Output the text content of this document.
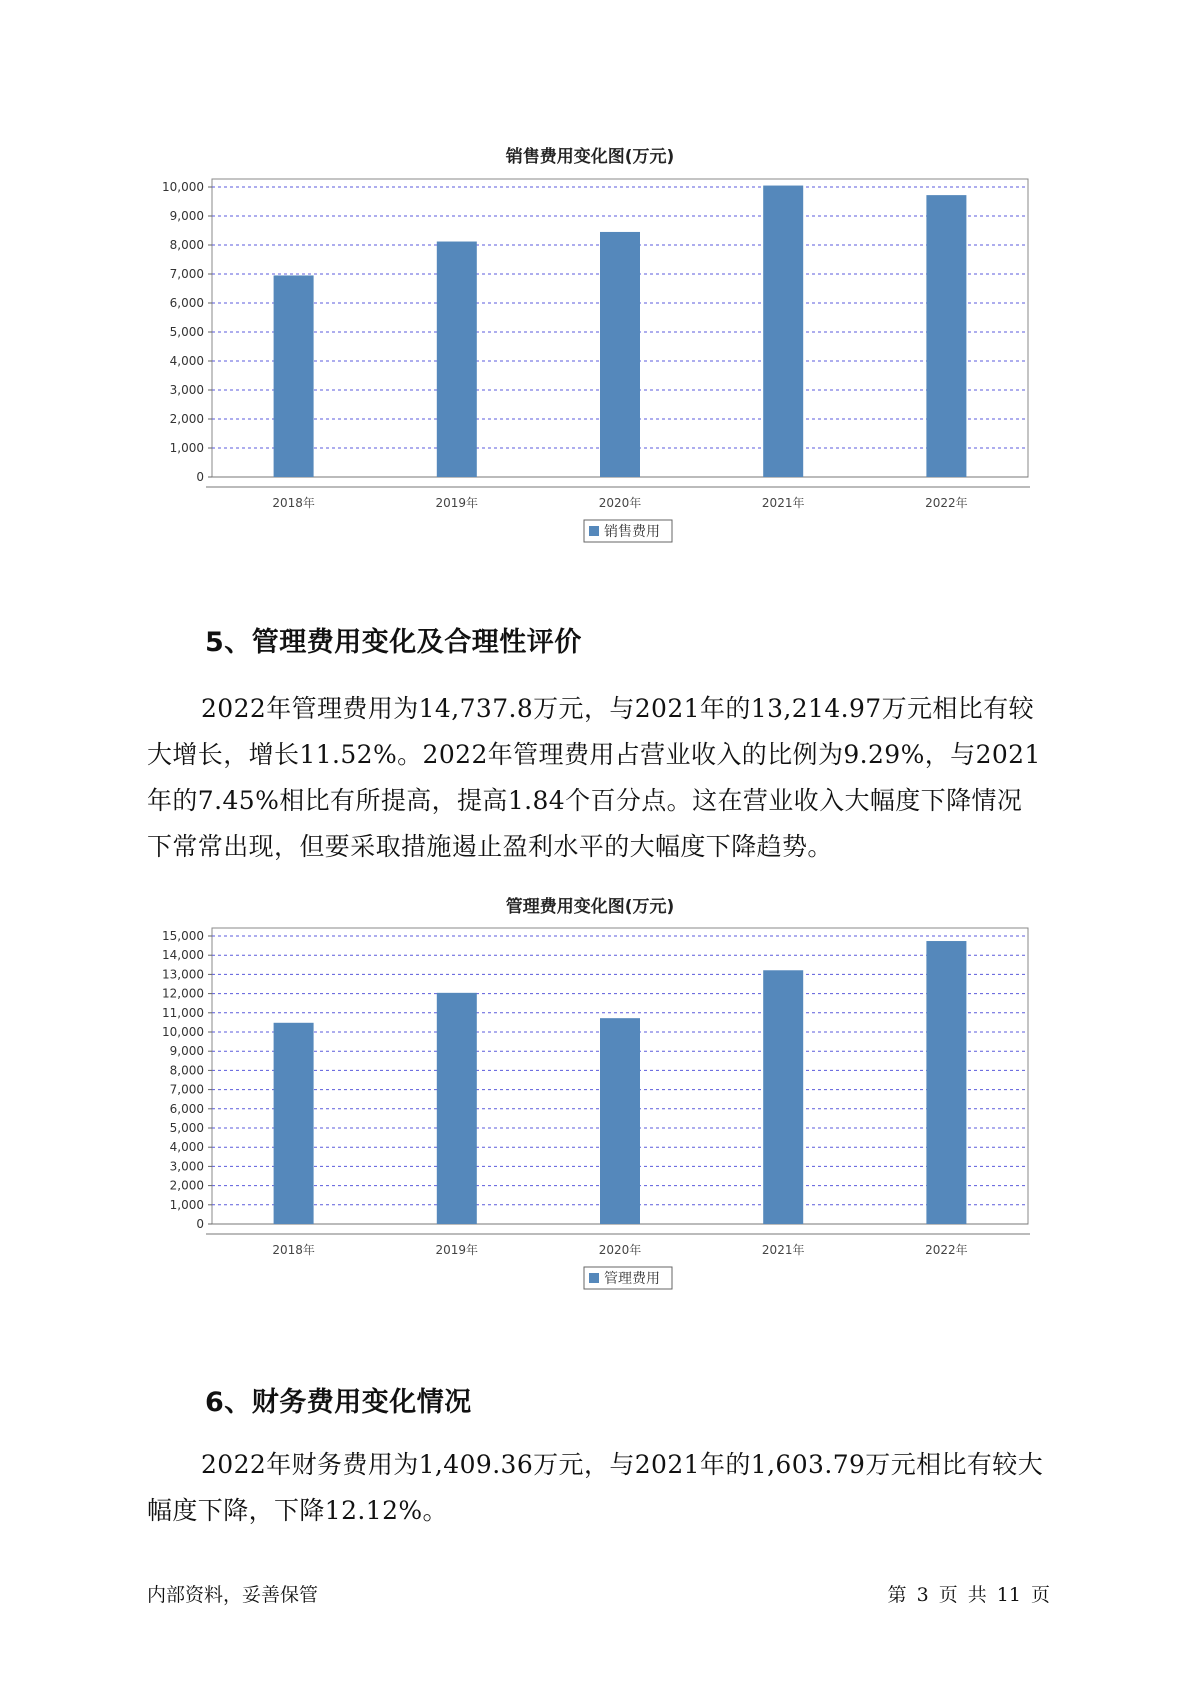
销售费用变化图(万元)
0
1,000
2,000
3,000
4,000
5,000
6,000
7,000
8,000
9,000
10,000
2018年	2019年	2020年	2021年	2022年
销售费用
5、管理费用变化及合理性评价

2022年管理费用为14,737.8万元，与2021年的13,214.97万元相比有较大增长，增长11.52%。2022年管理费用占营业收入的比例为9.29%，与2021年的7.45%相比有所提高，提高1.84个百分点。这在营业收入大幅度下降情况下常常出现，但要采取措施遏止盈利水平的大幅度下降趋势。

管理费用变化图(万元)
0
1,000
2,000
3,000
4,000
5,000
6,000
7,000
8,000
9,000
10,000
11,000
12,000
13,000
14,000
15,000
2018年	2019年	2020年	2021年	2022年
管理费用
6、财务费用变化情况

2022年财务费用为1,409.36万元，与2021年的1,603.79万元相比有较大幅度下降，下降12.12%。

内部资料，妥善保管	第 3 页 共 11 页
